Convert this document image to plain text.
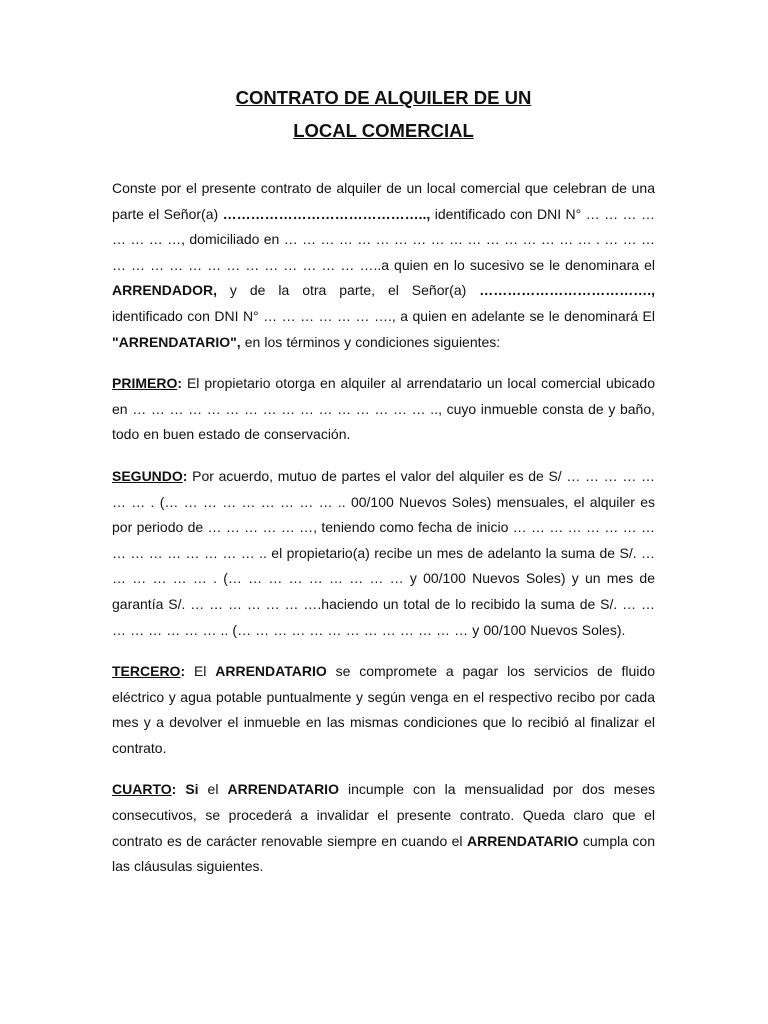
CONTRATO DE ALQUILER DE UN

LOCAL COMERCIAL

Conste por el presente contrato de alquiler de un local comercial que celebran de una parte el Señor(a) …………………………………….., identificado con DNI N° … … … … … … … …, domiciliado en … … … … … … … … … … … … … … … … … . … … … … … … … … … … … … … … … … …..a quien en lo sucesivo se le denominara el ARRENDADOR, y de la otra parte, el Señor(a) ………………………………., identificado con DNI N° … … … … … … …., a quien en adelante se le denominará El "ARRENDATARIO", en los términos y condiciones siguientes:

PRIMERO: El propietario otorga en alquiler al arrendatario un local comercial ubicado en … … … … … … … … … … … … … … … … .., cuyo inmueble consta de y baño, todo en buen estado de conservación.

SEGUNDO: Por acuerdo, mutuo de partes el valor del alquiler es de S/ … … … … … … … . (… … … … … … … … … .. 00/100 Nuevos Soles) mensuales, el alquiler es por periodo de … … … … … …, teniendo como fecha de inicio … … … … … … … … … … … … … … … … .. el propietario(a) recibe un mes de adelanto la suma de S/. … … … … … … . (… … … … … … … … … y 00/100 Nuevos Soles) y un mes de garantía S/. … … … … … … ….haciendo un total de lo recibido la suma de S/. … … … … … … … … .. (… … … … … … … … … … … … … y 00/100 Nuevos Soles).

TERCERO: El ARRENDATARIO se compromete a pagar los servicios de fluido eléctrico y agua potable puntualmente y según venga en el respectivo recibo por cada mes y a devolver el inmueble en las mismas condiciones que lo recibió al finalizar el contrato.

CUARTO: Si el ARRENDATARIO incumple con la mensualidad por dos meses consecutivos, se procederá a invalidar el presente contrato. Queda claro que el contrato es de carácter renovable siempre en cuando el ARRENDATARIO cumpla con las cláusulas siguientes.
